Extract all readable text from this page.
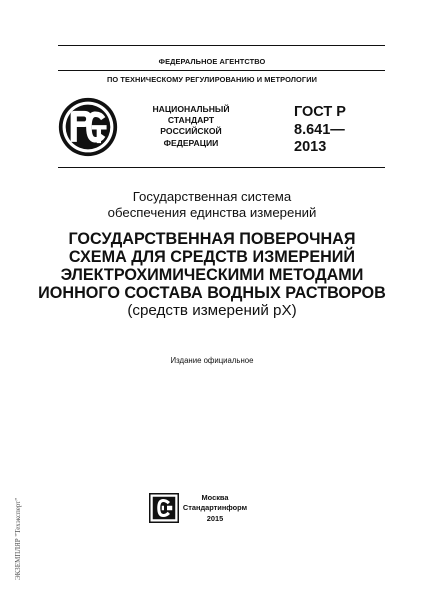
ФЕДЕРАЛЬНОЕ АГЕНТСТВО
ПО ТЕХНИЧЕСКОМУ РЕГУЛИРОВАНИЮ И МЕТРОЛОГИИ
НАЦИОНАЛЬНЫЙ
СТАНДАРТ
РОССИЙСКОЙ
ФЕДЕРАЦИИ
ГОСТ Р
8.641—
2013
Государственная система
обеспечения единства измерений
ГОСУДАРСТВЕННАЯ ПОВЕРОЧНАЯ
СХЕМА ДЛЯ СРЕДСТВ ИЗМЕРЕНИЙ
ЭЛЕКТРОХИМИЧЕСКИМИ МЕТОДАМИ
ИОННОГО СОСТАВА ВОДНЫХ РАСТВОРОВ
(средств измерений pX)
Издание официальное
Москва
Стандартинформ
2015
ЭКЗЕМПЛЯР "Техэксперт"
